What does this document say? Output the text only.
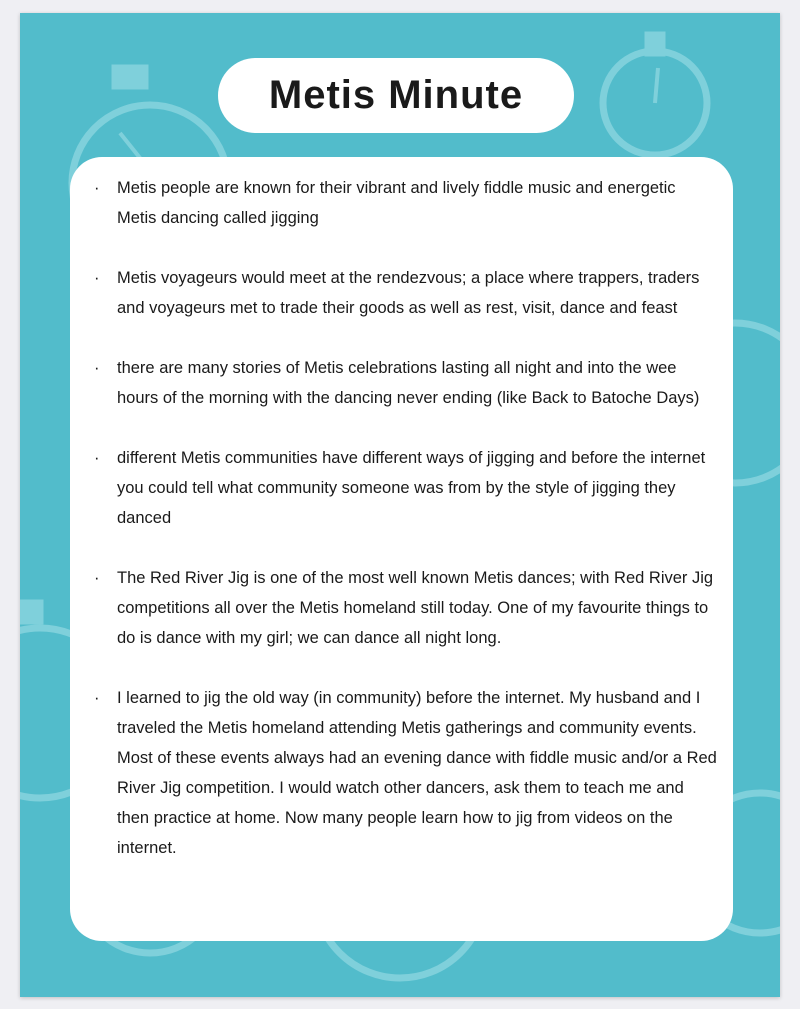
Metis Minute
· Metis people are known for their vibrant and lively fiddle music and energetic Metis dancing called jigging
· Metis voyageurs would meet at the rendezvous; a place where trappers, traders and voyageurs met to trade their goods as well as rest, visit, dance and feast
· there are many stories of Metis celebrations lasting all night and into the wee hours of the morning with the dancing never ending (like Back to Batoche Days)
· different Metis communities have different ways of jigging and before the internet you could tell what community someone was from by the style of jigging they danced
· The Red River Jig is one of the most well known Metis dances; with Red River Jig competitions all over the Metis homeland still today. One of my favourite things to do is dance with my girl; we can dance all night long.
· I learned to jig the old way (in community) before the internet. My husband and I traveled the Metis homeland attending Metis gatherings and community events. Most of these events always had an evening dance with fiddle music and/or a Red River Jig competition. I would watch other dancers, ask them to teach me and then practice at home. Now many people learn how to jig from videos on the internet.
